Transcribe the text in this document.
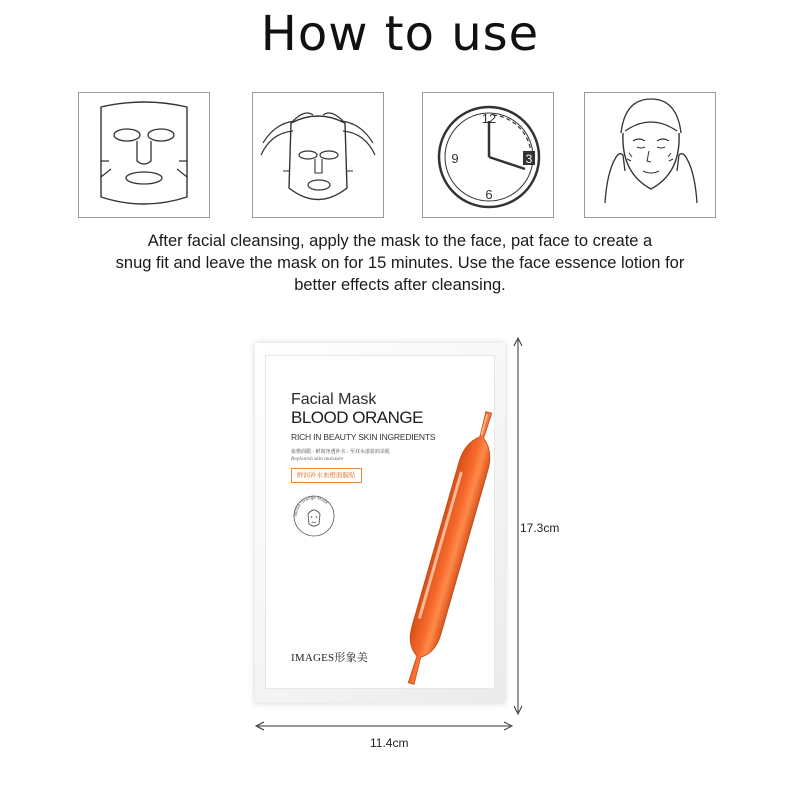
How to use
12
3
6
9
After facial cleansing, apply the mask to the face, pat face to create a
snug fit and leave the mask on for 15 minutes. Use the face essence lotion for
better effects after cleansing.
Facial Mask
BLOOD ORANGE
RICH IN BEAUTY SKIN INGREDIENTS
血橙面膜 · 鲜润净透补水 · 至双水漾盈润美肌
Replenish skin moisture
鲜润补水血橙面膜贴
Blood Orange Mask
IMAGES形象美
17.3cm
11.4cm
